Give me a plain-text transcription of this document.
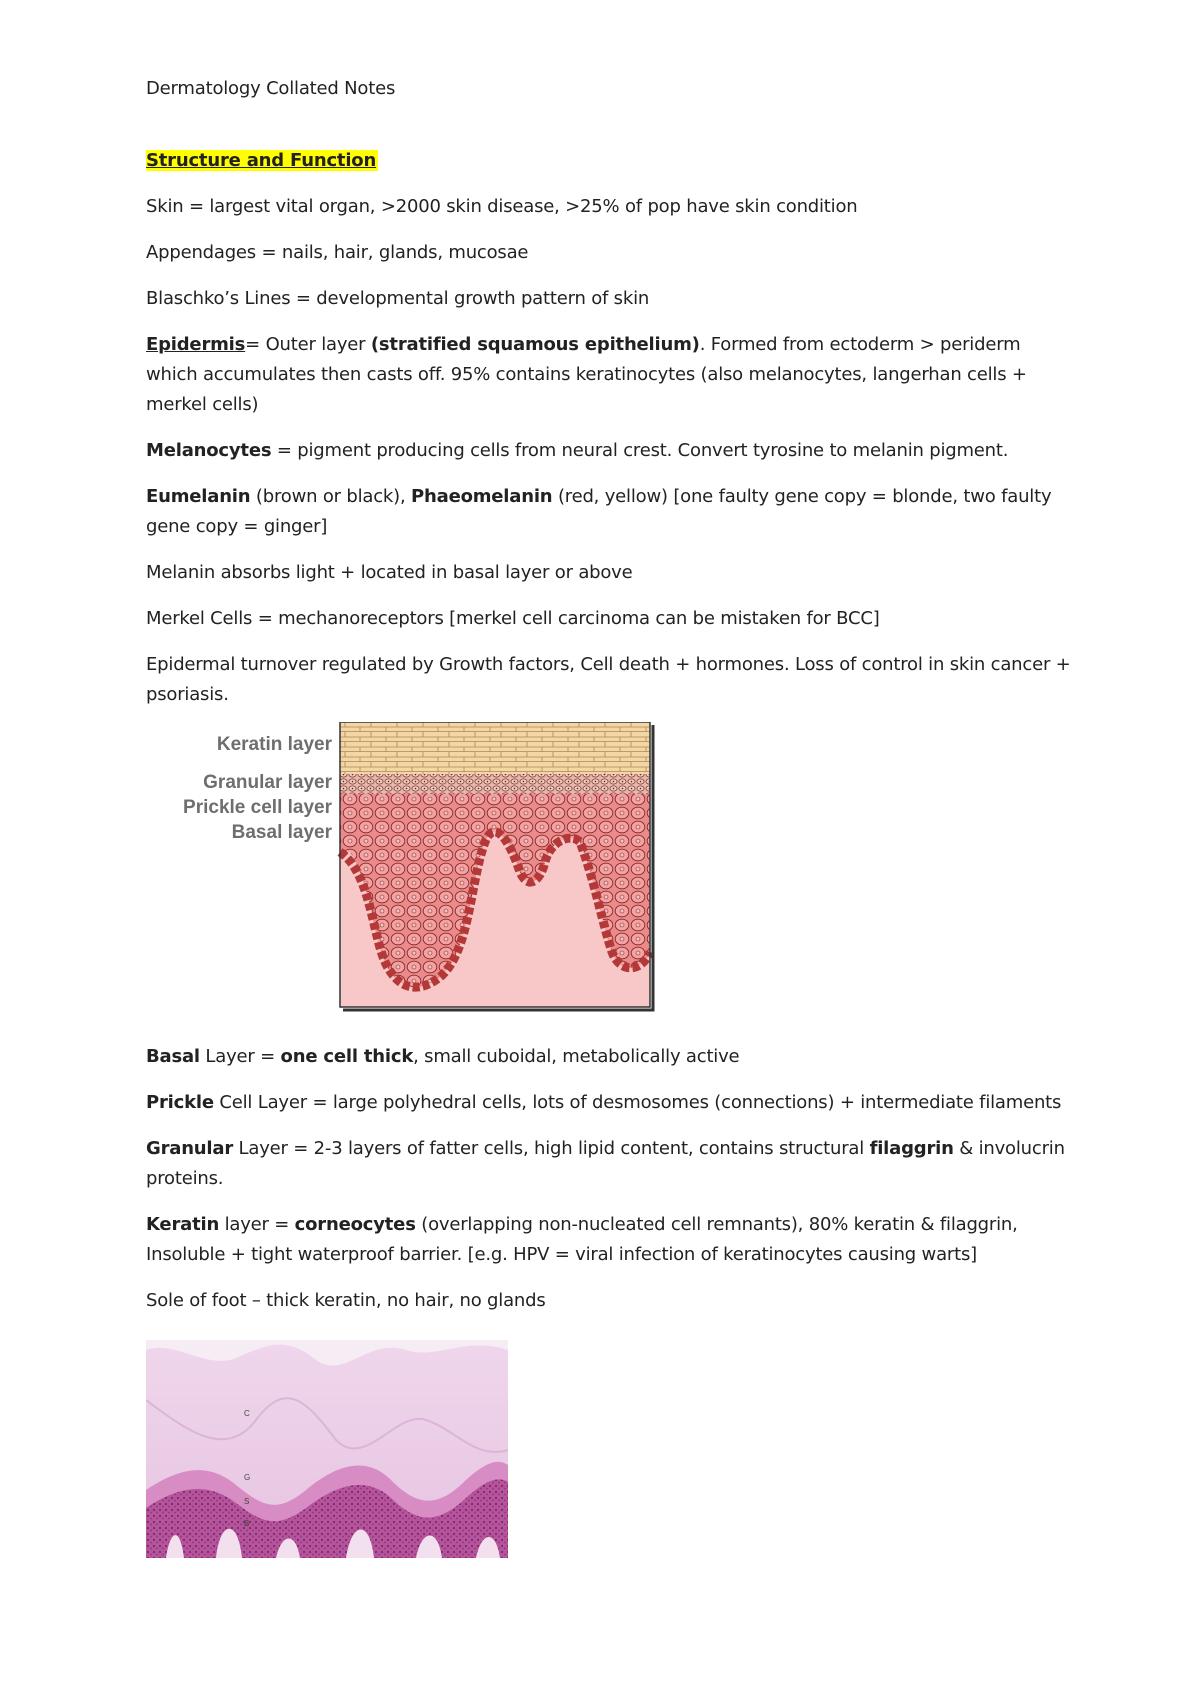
Dermatology Collated Notes

Structure and Function

Skin = largest vital organ, >2000 skin disease, >25% of pop have skin condition

Appendages = nails, hair, glands, mucosae

Blaschko’s Lines = developmental growth pattern of skin

Epidermis= Outer layer (stratified squamous epithelium). Formed from ectoderm > periderm which accumulates then casts off. 95% contains keratinocytes (also melanocytes, langerhan cells + merkel cells)

Melanocytes = pigment producing cells from neural crest. Convert tyrosine to melanin pigment.

Eumelanin (brown or black), Phaeomelanin (red, yellow) [one faulty gene copy = blonde, two faulty gene copy = ginger]

Melanin absorbs light + located in basal layer or above

Merkel Cells = mechanoreceptors [merkel cell carcinoma can be mistaken for BCC]

Epidermal turnover regulated by Growth factors, Cell death + hormones. Loss of control in skin cancer + psoriasis.

Keratin layer
Granular layer
Prickle cell layer
Basal layer

Basal Layer = one cell thick, small cuboidal, metabolically active

Prickle Cell Layer = large polyhedral cells, lots of desmosomes (connections) + intermediate filaments

Granular Layer = 2-3 layers of fatter cells, high lipid content, contains structural filaggrin & involucrin proteins.

Keratin layer = corneocytes (overlapping non-nucleated cell remnants), 80% keratin & filaggrin, Insoluble + tight waterproof barrier. [e.g. HPV = viral infection of keratinocytes causing warts]

Sole of foot – thick keratin, no hair, no glands

C
G
S
B
